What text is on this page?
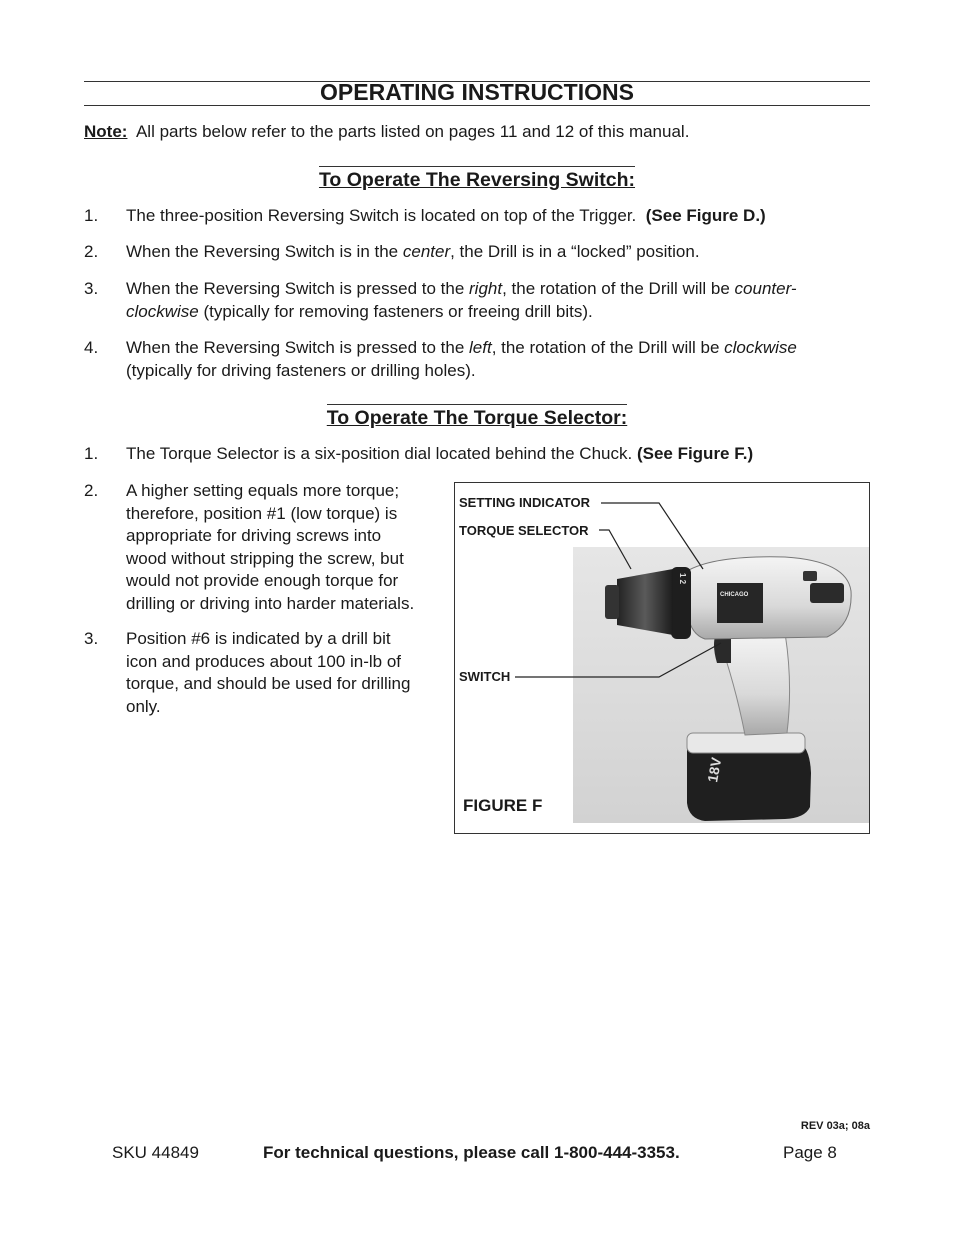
OPERATING INSTRUCTIONS
Note: All parts below refer to the parts listed on pages 11 and 12 of this manual.
To Operate The Reversing Switch:
1. The three-position Reversing Switch is located on top of the Trigger. (See Figure D.)
2. When the Reversing Switch is in the center, the Drill is in a “locked” position.
3. When the Reversing Switch is pressed to the right, the rotation of the Drill will be counter-
clockwise (typically for removing fasteners or freeing drill bits).
4. When the Reversing Switch is pressed to the left, the rotation of the Drill will be clockwise
(typically for driving fasteners or drilling holes).
To Operate The Torque Selector:
1. The Torque Selector is a six-position dial located behind the Chuck. (See Figure F.)
2. A higher setting equals more torque;
therefore, position #1 (low torque) is
appropriate for driving screws into
wood without stripping the screw, but
would not provide enough torque for
drilling or driving into harder materials.
3. Position #6 is indicated by a drill bit
icon and produces about 100 in-lb of
torque, and should be used for drilling
only.
18V
CHICAGO
1 2
SETTING INDICATOR
TORQUE SELECTOR
SWITCH
FIGURE F
REV 03a; 08a
SKU 44849	For technical questions, please call 1-800-444-3353.	Page 8
